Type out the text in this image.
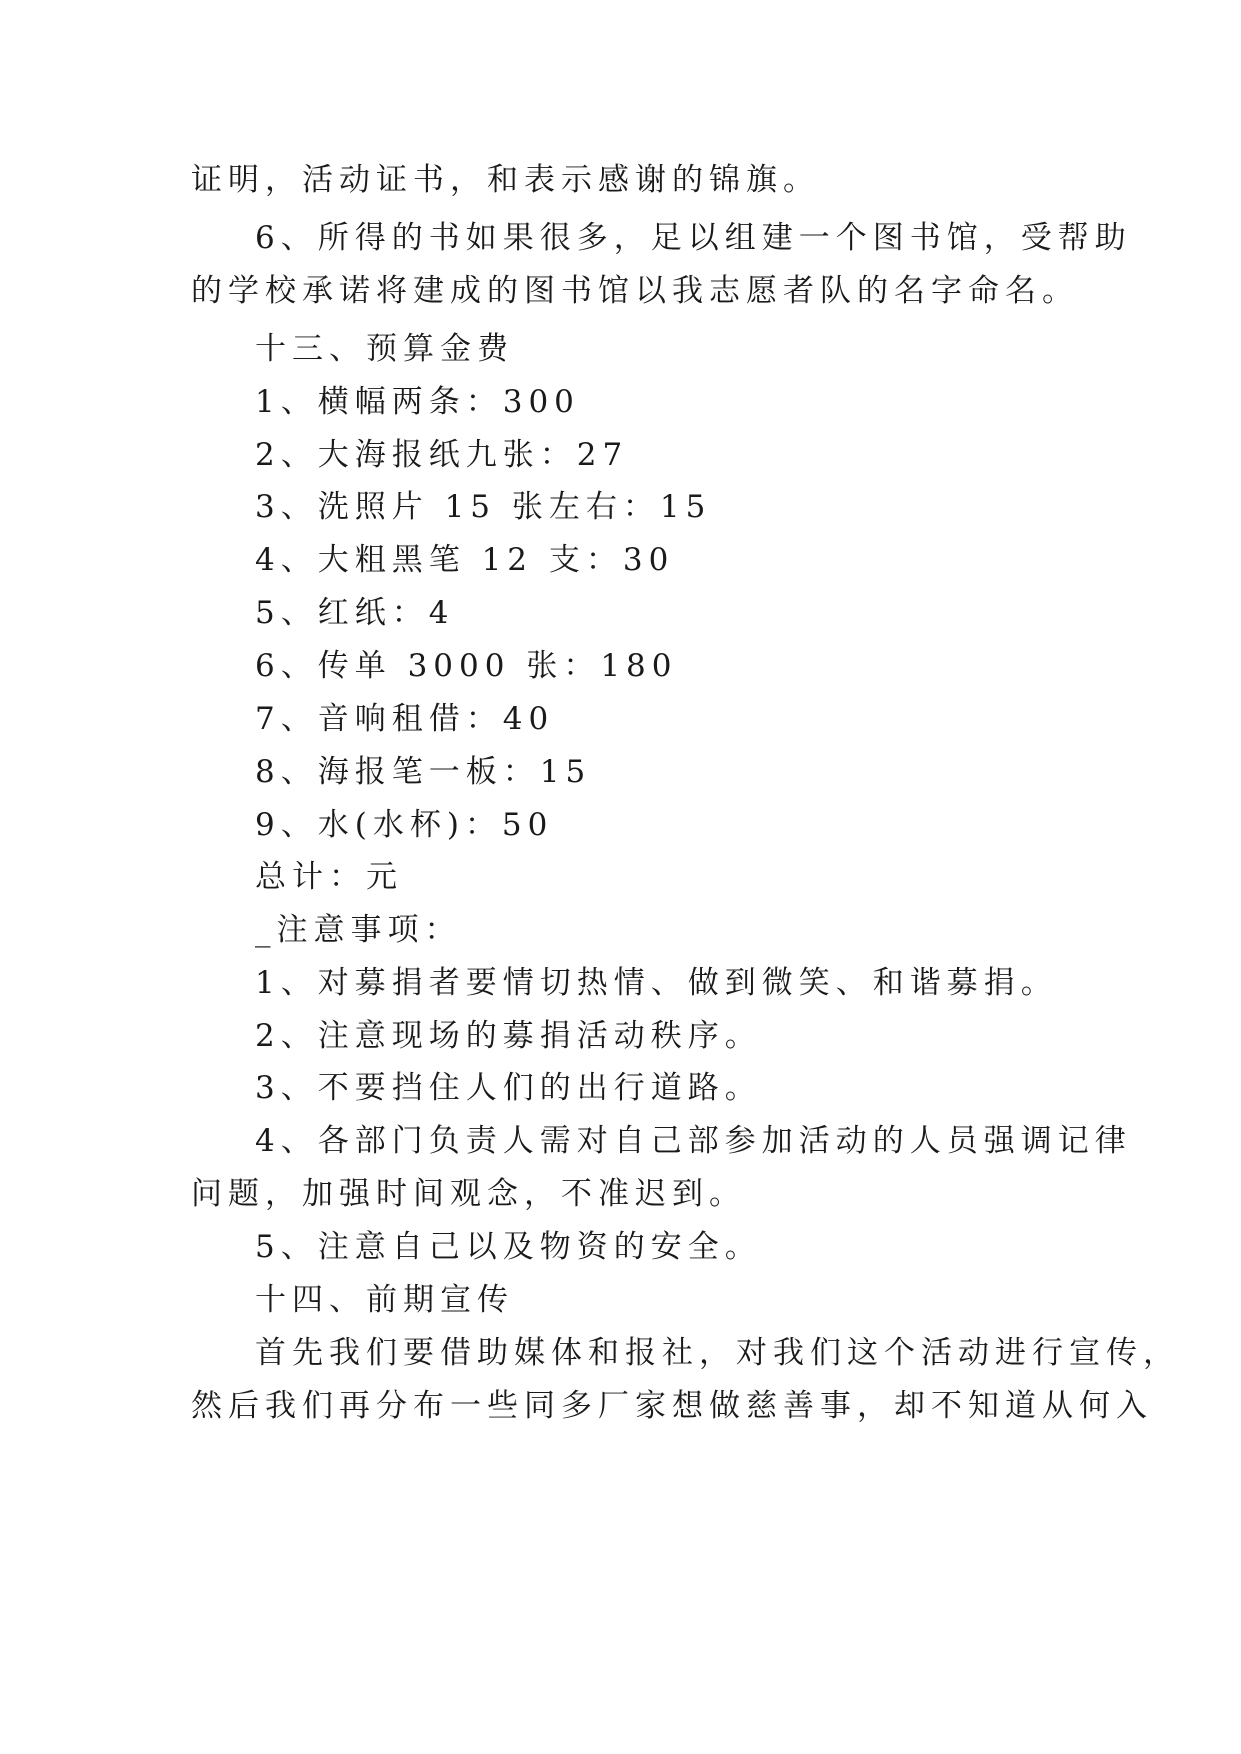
证明，活动证书，和表示感谢的锦旗。
6、所得的书如果很多，足以组建一个图书馆，受帮助
的学校承诺将建成的图书馆以我志愿者队的名字命名。
十三、预算金费
1、横幅两条：300
2、大海报纸九张：27
3、洗照片 15 张左右：15
4、大粗黑笔 12 支：30
5、红纸：4
6、传单 3000 张：180
7、音响租借：40
8、海报笔一板：15
9、水(水杯)：50
总计：元
_注意事项：
1、对募捐者要情切热情、做到微笑、和谐募捐。
2、注意现场的募捐活动秩序。
3、不要挡住人们的出行道路。
4、各部门负责人需对自己部参加活动的人员强调记律
问题，加强时间观念，不准迟到。
5、注意自己以及物资的安全。
十四、前期宣传
首先我们要借助媒体和报社，对我们这个活动进行宣传，
然后我们再分布一些同多厂家想做慈善事，却不知道从何入
